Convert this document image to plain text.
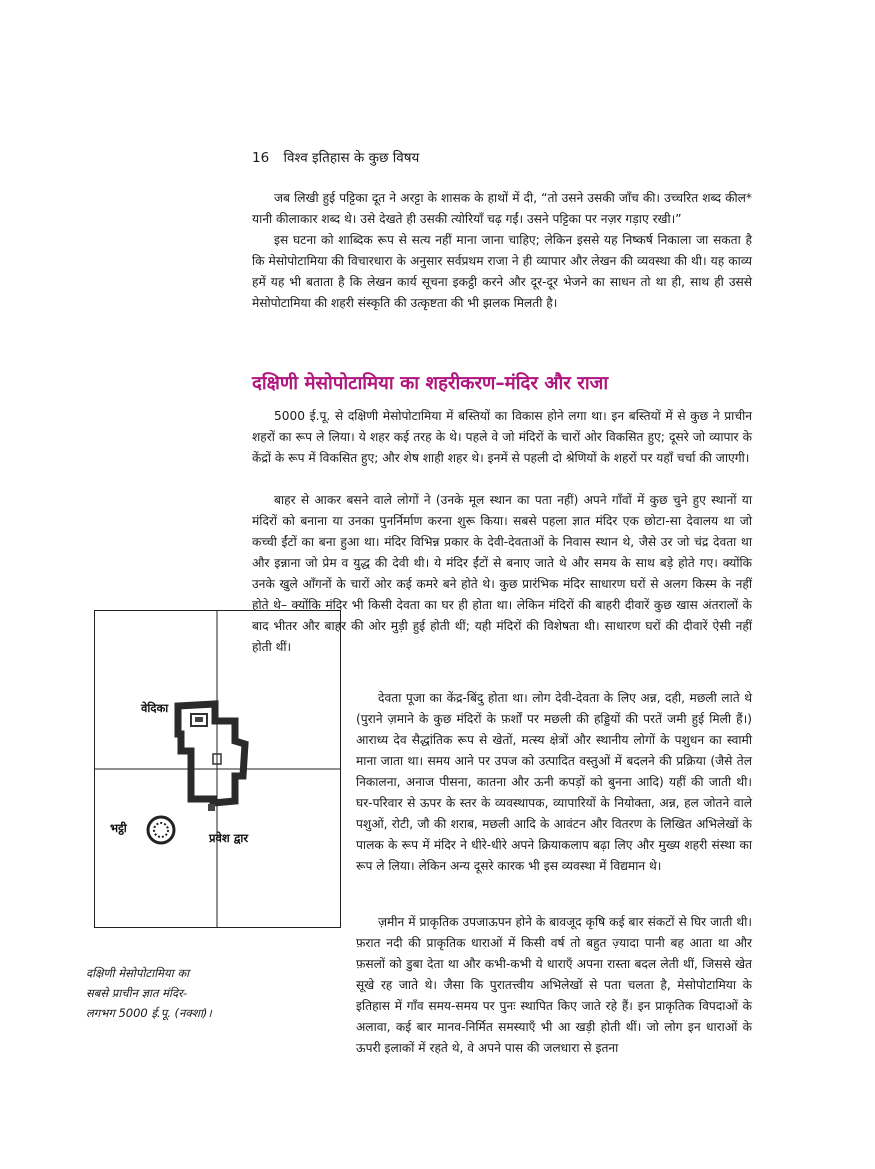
16 विश्व इतिहास के कुछ विषय

जब लिखी हुई पट्टिका दूत ने अरट्टा के शासक के हाथों में दी, “तो उसने उसकी जाँच की। उच्चरित शब्द कील* यानी कीलाकार शब्द थे। उसे देखते ही उसकी त्योरियाँ चढ़ गईं। उसने पट्टिका पर नज़र गड़ाए रखी।”

इस घटना को शाब्दिक रूप से सत्य नहीं माना जाना चाहिए; लेकिन इससे यह निष्कर्ष निकाला जा सकता है कि मेसोपोटामिया की विचारधारा के अनुसार सर्वप्रथम राजा ने ही व्यापार और लेखन की व्यवस्था की थी। यह काव्य हमें यह भी बताता है कि लेखन कार्य सूचना इकट्ठी करने और दूर-दूर भेजने का साधन तो था ही, साथ ही उससे मेसोपोटामिया की शहरी संस्कृति की उत्कृष्टता की भी झलक मिलती है।

दक्षिणी मेसोपोटामिया का शहरीकरण–मंदिर और राजा

5000 ई.पू. से दक्षिणी मेसोपोटामिया में बस्तियों का विकास होने लगा था। इन बस्तियों में से कुछ ने प्राचीन शहरों का रूप ले लिया। ये शहर कई तरह के थे। पहले वे जो मंदिरों के चारों ओर विकसित हुए; दूसरे जो व्यापार के केंद्रों के रूप में विकसित हुए; और शेष शाही शहर थे। इनमें से पहली दो श्रेणियों के शहरों पर यहाँ चर्चा की जाएगी।

बाहर से आकर बसने वाले लोगों ने (उनके मूल स्थान का पता नहीं) अपने गाँवों में कुछ चुने हुए स्थानों या मंदिरों को बनाना या उनका पुनर्निर्माण करना शुरू किया। सबसे पहला ज्ञात मंदिर एक छोटा-सा देवालय था जो कच्ची ईंटों का बना हुआ था। मंदिर विभिन्न प्रकार के देवी-देवताओं के निवास स्थान थे, जैसे उर जो चंद्र देवता था और इन्नाना जो प्रेम व युद्ध की देवी थी। ये मंदिर ईंटों से बनाए जाते थे और समय के साथ बड़े होते गए। क्योंकि उनके खुले आँगनों के चारों ओर कई कमरे बने होते थे। कुछ प्रारंभिक मंदिर साधारण घरों से अलग किस्म के नहीं होते थे– क्योंकि मंदिर भी किसी देवता का घर ही होता था। लेकिन मंदिरों की बाहरी दीवारें कुछ खास अंतरालों के बाद भीतर और बाहर की ओर मुड़ी हुई होती थीं; यही मंदिरों की विशेषता थी। साधारण घरों की दीवारें ऐसी नहीं होती थीं।

देवता पूजा का केंद्र-बिंदु होता था। लोग देवी-देवता के लिए अन्न, दही, मछली लाते थे (पुराने ज़माने के कुछ मंदिरों के फ़र्शों पर मछली की हड्डियों की परतें जमी हुई मिली हैं।) आराध्य देव सैद्धांतिक रूप से खेतों, मत्स्य क्षेत्रों और स्थानीय लोगों के पशुधन का स्वामी माना जाता था। समय आने पर उपज को उत्पादित वस्तुओं में बदलने की प्रक्रिया (जैसे तेल निकालना, अनाज पीसना, कातना और ऊनी कपड़ों को बुनना आदि) यहीं की जाती थी। घर-परिवार से ऊपर के स्तर के व्यवस्थापक, व्यापारियों के नियोक्ता, अन्न, हल जोतने वाले पशुओं, रोटी, जौ की शराब, मछली आदि के आवंटन और वितरण के लिखित अभिलेखों के पालक के रूप में मंदिर ने धीरे-धीरे अपने क्रियाकलाप बढ़ा लिए और मुख्य शहरी संस्था का रूप ले लिया। लेकिन अन्य दूसरे कारक भी इस व्यवस्था में विद्यमान थे।

ज़मीन में प्राकृतिक उपजाऊपन होने के बावजूद कृषि कई बार संकटों से घिर जाती थी। फ़रात नदी की प्राकृतिक धाराओं में किसी वर्ष तो बहुत ज़्यादा पानी बह आता था और फ़सलों को डुबा देता था और कभी-कभी ये धाराएँ अपना रास्ता बदल लेती थीं, जिससे खेत सूखे रह जाते थे। जैसा कि पुरातत्त्वीय अभिलेखों से पता चलता है, मेसोपोटामिया के इतिहास में गाँव समय-समय पर पुनः स्थापित किए जाते रहे हैं। इन प्राकृतिक विपदाओं के अलावा, कई बार मानव-निर्मित समस्याएँ भी आ खड़ी होती थीं। जो लोग इन धाराओं के ऊपरी इलाकों में रहते थे, वे अपने पास की जलधारा से इतना

वेदिका
भट्ठी
प्रवेश द्वार
दक्षिणी मेसोपोटामिया का
सबसे प्राचीन ज्ञात मंदिर-
लगभग 5000 ई.पू. (नक्शा)।
